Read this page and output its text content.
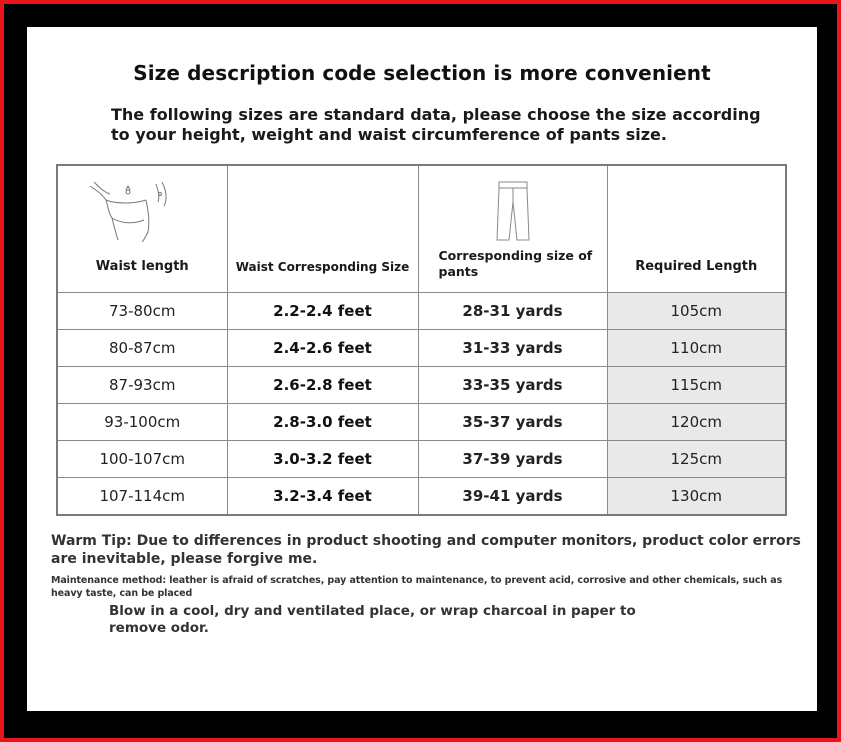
Size description code selection is more convenient
The following sizes are standard data, please choose the size according to your height, weight and waist circumference of pants size.
Waist length	Waist Corresponding Size	Corresponding size of pants	Required Length

73-80cm	2.2-2.4 feet	28-31 yards	105cm
80-87cm	2.4-2.6 feet	31-33 yards	110cm
87-93cm	2.6-2.8 feet	33-35 yards	115cm
93-100cm	2.8-3.0 feet	35-37 yards	120cm
100-107cm	3.0-3.2 feet	37-39 yards	125cm
107-114cm	3.2-3.4 feet	39-41 yards	130cm
Warm Tip: Due to differences in product shooting and computer monitors, product color errors are inevitable, please forgive me.
Maintenance method: leather is afraid of scratches, pay attention to maintenance, to prevent acid, corrosive and other chemicals, such as heavy taste, can be placed
Blow in a cool, dry and ventilated place, or wrap charcoal in paper to remove odor.
